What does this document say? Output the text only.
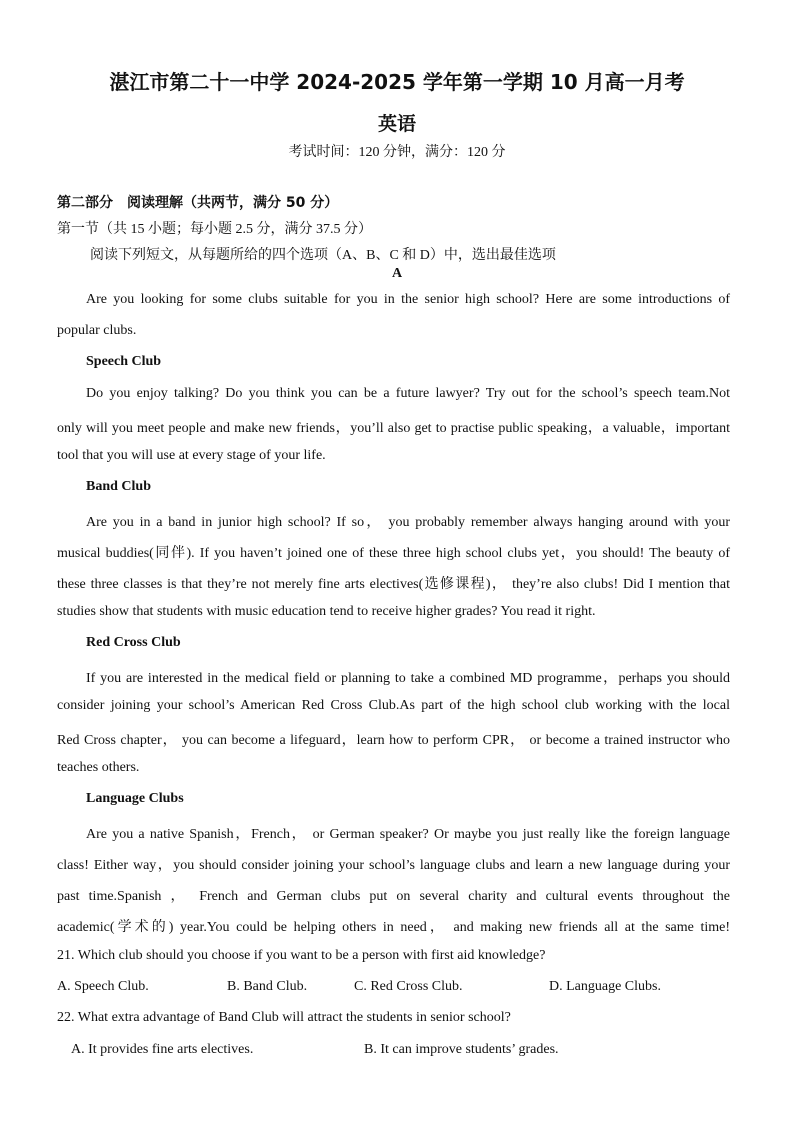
湛江市第二十一中学 2024-2025 学年第一学期 10 月高一月考
英语
考试时间：120 分钟，满分：120 分
第二部分　阅读理解（共两节，满分 50 分）
第一节（共 15 小题；每小题 2.5 分，满分 37.5 分）
阅读下列短文，从每题所给的四个选项（A、B、C 和 D）中，选出最佳选项
A
Are you looking for some clubs suitable for you in the senior high school? Here are some introductions of
popular clubs.
Speech Club
Do you enjoy talking? Do you think you can be a future lawyer? Try out for the school’s speech team.Not
only will you meet people and make new friends，you’ll also get to practise public speaking，a valuable，important
tool that you will use at every stage of your life.
Band Club
Are you in a band in junior high school? If so， you probably remember always hanging around with your
musical buddies(同伴). If you haven’t joined one of these three high school clubs yet，you should! The beauty of
these three classes is that they’re not merely fine arts electives(选修课程)， they’re also clubs! Did I mention that
studies show that students with music education tend to receive higher grades? You read it right.
Red Cross Club
If you are interested in the medical field or planning to take a combined MD programme，perhaps you should
consider joining your school’s American Red Cross Club.As part of the high school club working with the local
Red Cross chapter， you can become a lifeguard，learn how to perform CPR， or become a trained instructor who
teaches others.
Language Clubs
Are you a native Spanish，French， or German speaker? Or maybe you just really like the foreign language
class! Either way，you should consider joining your school’s language clubs and learn a new language during your
past time.Spanish ， French and German clubs put on several charity and cultural events throughout the
academic(学术的) year.You could be helping others in need， and making new friends all at the same time!
21. Which club should you choose if you want to be a person with first aid knowledge?
A. Speech Club.	B. Band Club.	C. Red Cross Club.	D. Language Clubs.
22. What extra advantage of Band Club will attract the students in senior school?
A. It provides fine arts electives.	B. It can improve students’ grades.
